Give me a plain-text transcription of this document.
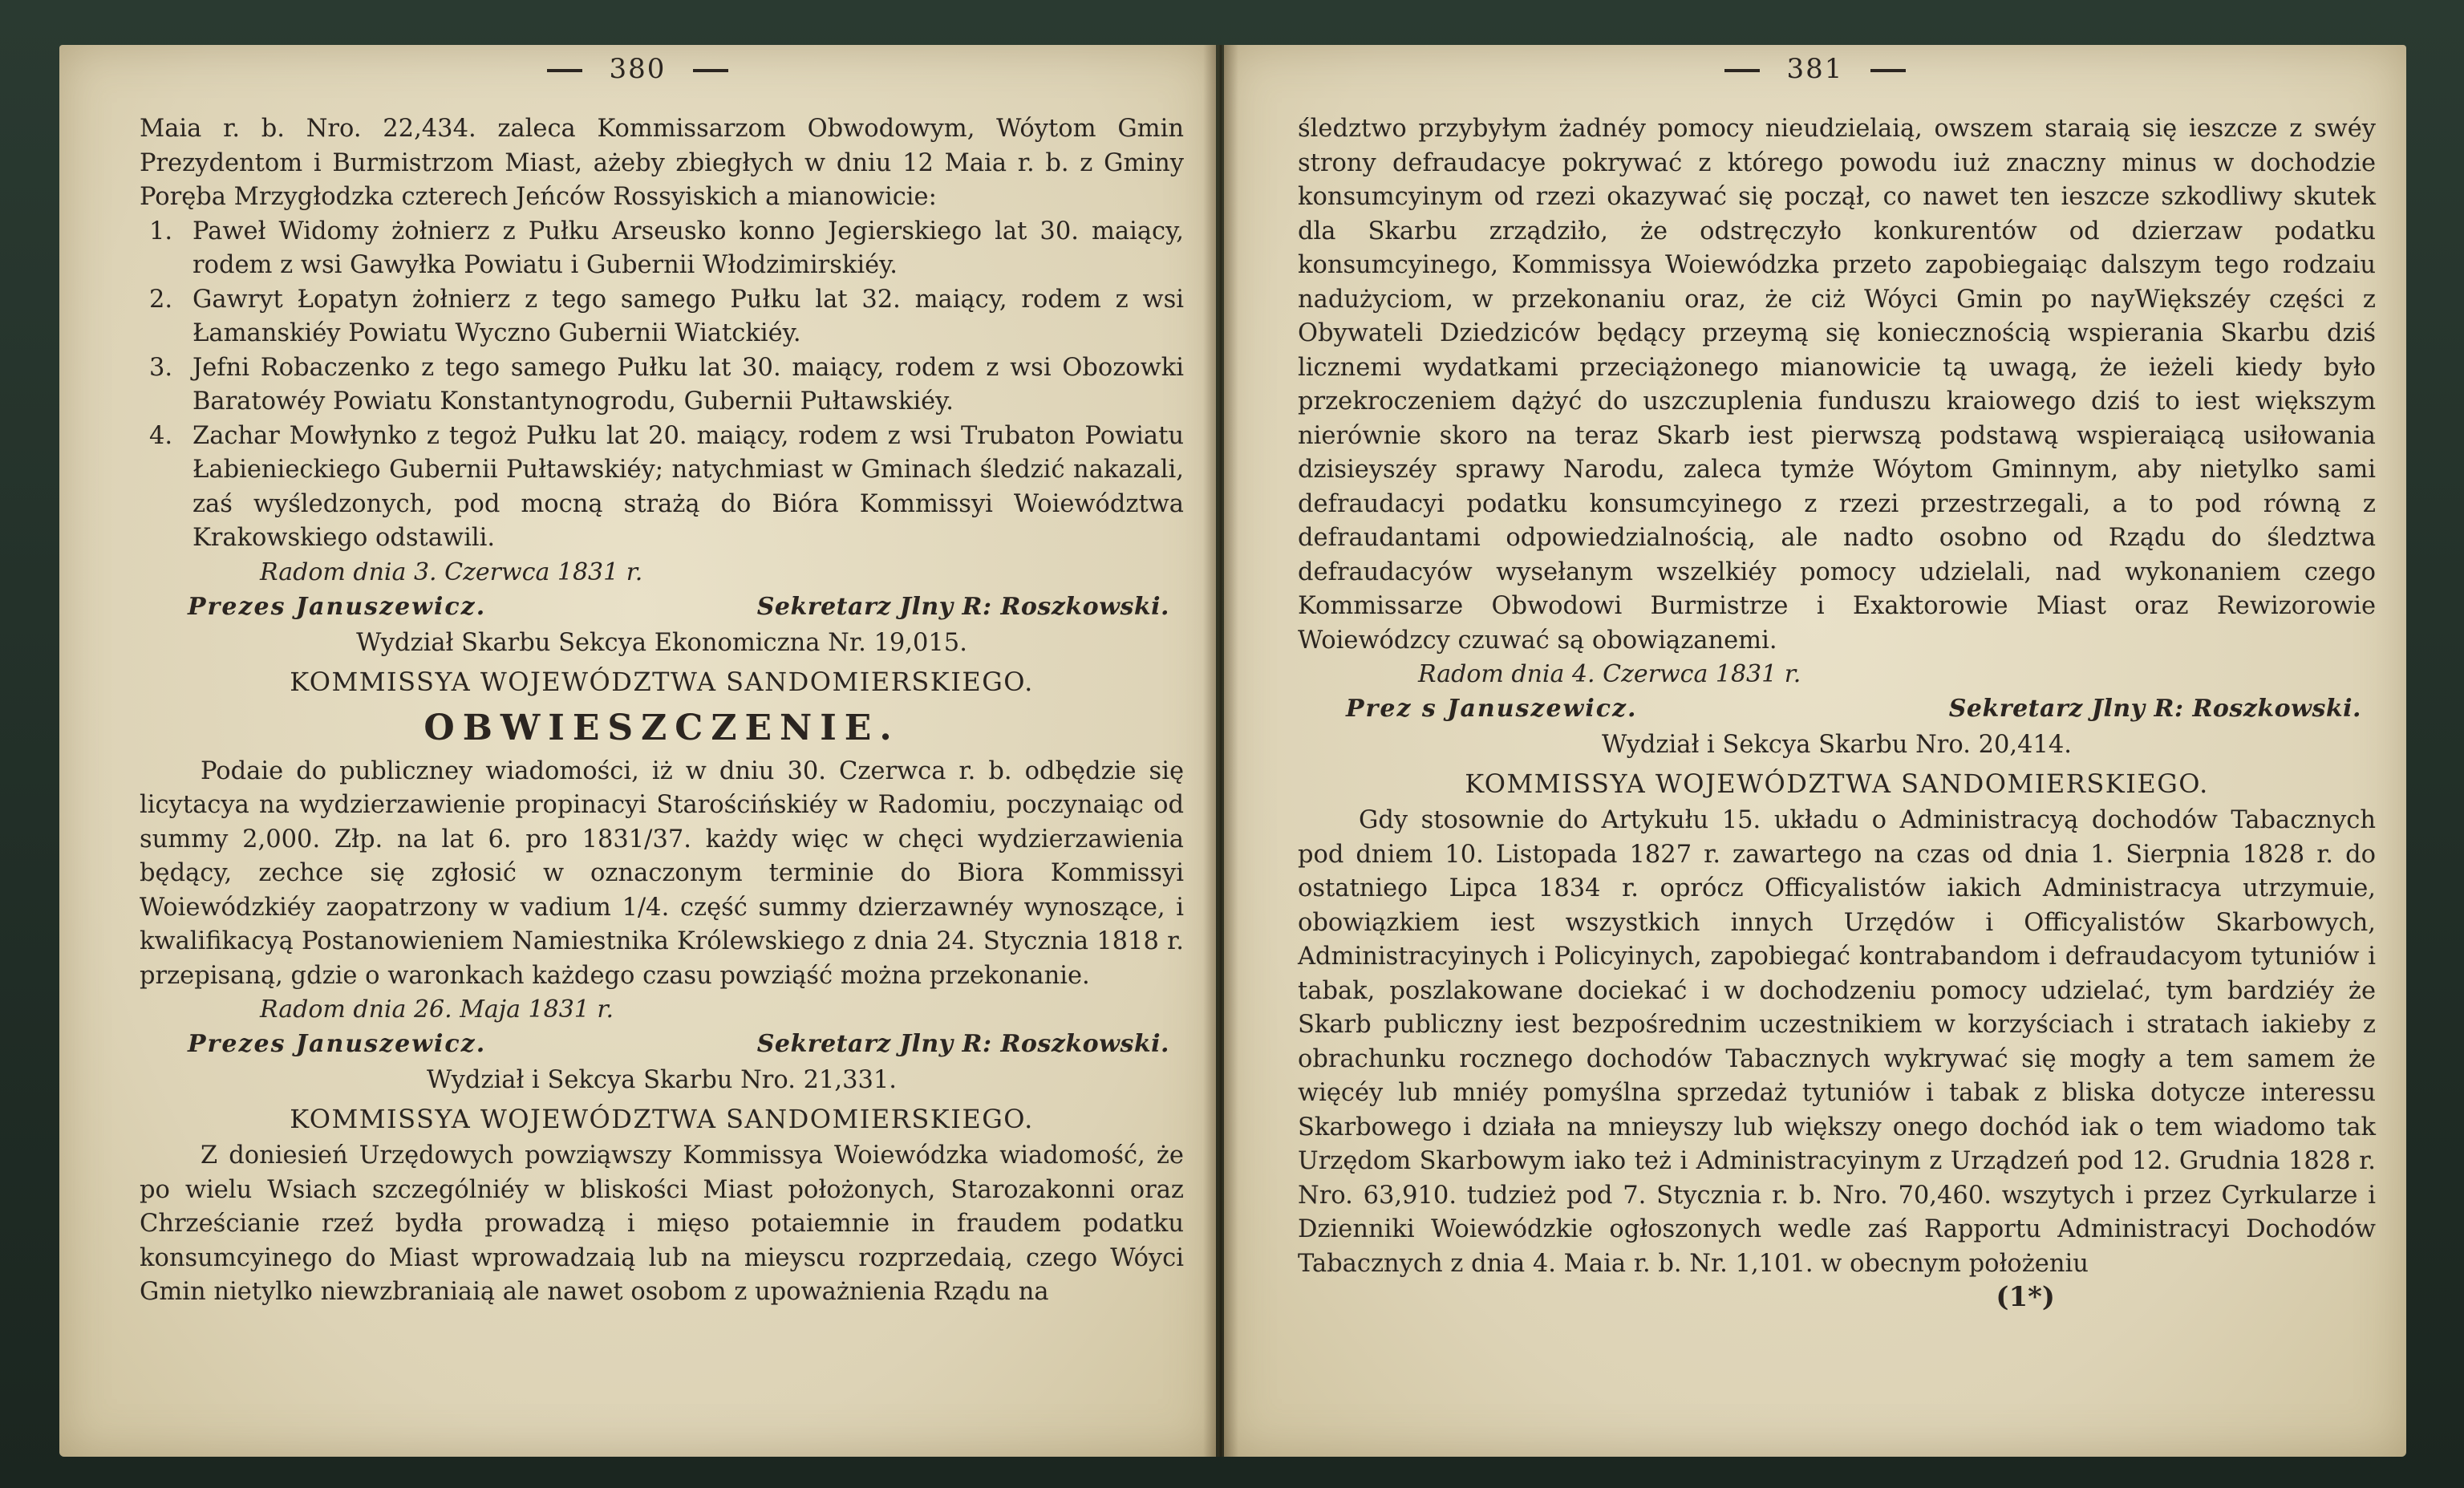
380

Maia r. b. Nro. 22,434. zaleca Kommissarzom Obwodowym, Wóytom Gmin Prezydentom i Burmistrzom Miast, ażeby zbiegłych w dniu 12 Maia r. b. z Gminy Poręba Mrzygłodzka czterech Jeńców Rossyiskich a mianowicie:

1. Paweł Widomy żołnierz z Pułku Arseusko konno Jegierskiego lat 30. maiący, rodem z wsi Gawyłka Powiatu i Gubernii Włodzimirskiéy.
2. Gawryt Łopatyn żołnierz z tego samego Pułku lat 32. maiący, rodem z wsi Łamanskiéy Powiatu Wyczno Gubernii Wiatckiéy.
3. Jefni Robaczenko z tego samego Pułku lat 30. maiący, rodem z wsi Obozowki Baratowéy Powiatu Konstantynogrodu, Gubernii Pułtawskiéy.
4. Zachar Mowłynko z tegoż Pułku lat 20. maiący, rodem z wsi Trubaton Powiatu Łabienieckiego Gubernii Pułtawskiéy; natychmiast w Gminach śledzić nakazali, zaś wyśledzonych, pod mocną strażą do Bióra Kommissyi Woiewództwa Krakowskiego odstawili.

Radom dnia 3. Czerwca 1831 r.

Prezes Januszewicz.	Sekretarz Jlny R: Roszkowski.

Wydział Skarbu Sekcya Ekonomiczna Nr. 19,015.

KOMMISSYA WOJEWÓDZTWA SANDOMIERSKIEGO.

OBWIESZCZENIE.

Podaie do publiczney wiadomości, iż w dniu 30. Czerwca r. b. odbędzie się licytacya na wydzierzawienie propinacyi Starościńskiéy w Radomiu, poczynaiąc od summy 2,000. Złp. na lat 6. pro 1831/37. każdy więc w chęci wydzierzawienia będący, zechce się zgłosić w oznaczonym terminie do Biora Kommissyi Woiewódzkiéy zaopatrzony w vadium 1/4. część summy dzierzawnéy wynoszące, i kwalifikacyą Postanowieniem Namiestnika Królewskiego z dnia 24. Stycznia 1818 r. przepisaną, gdzie o waronkach każdego czasu powziąść można przekonanie.

Radom dnia 26. Maja 1831 r.

Prezes Januszewicz.	Sekretarz Jlny R: Roszkowski.

Wydział i Sekcya Skarbu Nro. 21,331.

KOMMISSYA WOJEWÓDZTWA SANDOMIERSKIEGO.

Z doniesień Urzędowych powziąwszy Kommissya Woiewódzka wiadomość, że po wielu Wsiach szczególniéy w bliskości Miast położonych, Starozakonni oraz Chrześcianie rzeź bydła prowadzą i mięso potaiemnie in fraudem podatku konsumcyinego do Miast wprowadzaią lub na mieyscu rozprzedaią, czego Wóyci Gmin nietylko niewzbraniaią ale nawet osobom z upoważnienia Rządu na

381

śledztwo przybyłym żadnéy pomocy nieudzielaią, owszem staraią się ieszcze z swéy strony defraudacye pokrywać z którego powodu iuż znaczny minus w dochodzie konsumcyinym od rzezi okazywać się począł, co nawet ten ieszcze szkodliwy skutek dla Skarbu zrządziło, że odstręczyło konkurentów od dzierzaw podatku konsumcyinego, Kommissya Woiewódzka przeto zapobiegaiąc dalszym tego rodzaiu nadużyciom, w przekonaniu oraz, że ciż Wóyci Gmin po nayWiększéy części z Obywateli Dziedziców będący przeymą się koniecznością wspierania Skarbu dziś licznemi wydatkami przeciążonego mianowicie tą uwagą, że ieżeli kiedy było przekroczeniem dążyć do uszczuplenia funduszu kraiowego dziś to iest większym nierównie skoro na teraz Skarb iest pierwszą podstawą wspieraiącą usiłowania dzisieyszéy sprawy Narodu, zaleca tymże Wóytom Gminnym, aby nietylko sami defraudacyi podatku konsumcyinego z rzezi przestrzegali, a to pod równą z defraudantami odpowiedzialnością, ale nadto osobno od Rządu do śledztwa defraudacyów wysełanym wszelkiéy pomocy udzielali, nad wykonaniem czego Kommissarze Obwodowi Burmistrze i Exaktorowie Miast oraz Rewizorowie Woiewódzcy czuwać są obowiązanemi.

Radom dnia 4. Czerwca 1831 r.

Prez s Januszewicz.	Sekretarz Jlny R: Roszkowski.

Wydział i Sekcya Skarbu Nro. 20,414.

KOMMISSYA WOJEWÓDZTWA SANDOMIERSKIEGO.

Gdy stosownie do Artykułu 15. układu o Administracyą dochodów Tabacznych pod dniem 10. Listopada 1827 r. zawartego na czas od dnia 1. Sierpnia 1828 r. do ostatniego Lipca 1834 r. oprócz Officyalistów iakich Administracya utrzymuie, obowiązkiem iest wszystkich innych Urzędów i Officyalistów Skarbowych, Administracyinych i Policyinych, zapobiegać kontrabandom i defraudacyom tytuniów i tabak, poszlakowane dociekać i w dochodzeniu pomocy udzielać, tym bardziéy że Skarb publiczny iest bezpośrednim uczestnikiem w korzyściach i stratach iakieby z obrachunku rocznego dochodów Tabacznych wykrywać się mogły a tem samem że więcéy lub mniéy pomyślna sprzedaż tytuniów i tabak z bliska dotycze interessu Skarbowego i działa na mnieyszy lub większy onego dochód iak o tem wiadomo tak Urzędom Skarbowym iako też i Administracyinym z Urządzeń pod 12. Grudnia 1828 r. Nro. 63,910. tudzież pod 7. Stycznia r. b. Nro. 70,460. wszytych i przez Cyrkularze i Dzienniki Woiewódzkie ogłoszonych wedle zaś Rapportu Administracyi Dochodów Tabacznych z dnia 4. Maia r. b. Nr. 1,101. w obecnym położeniu

(1*)
